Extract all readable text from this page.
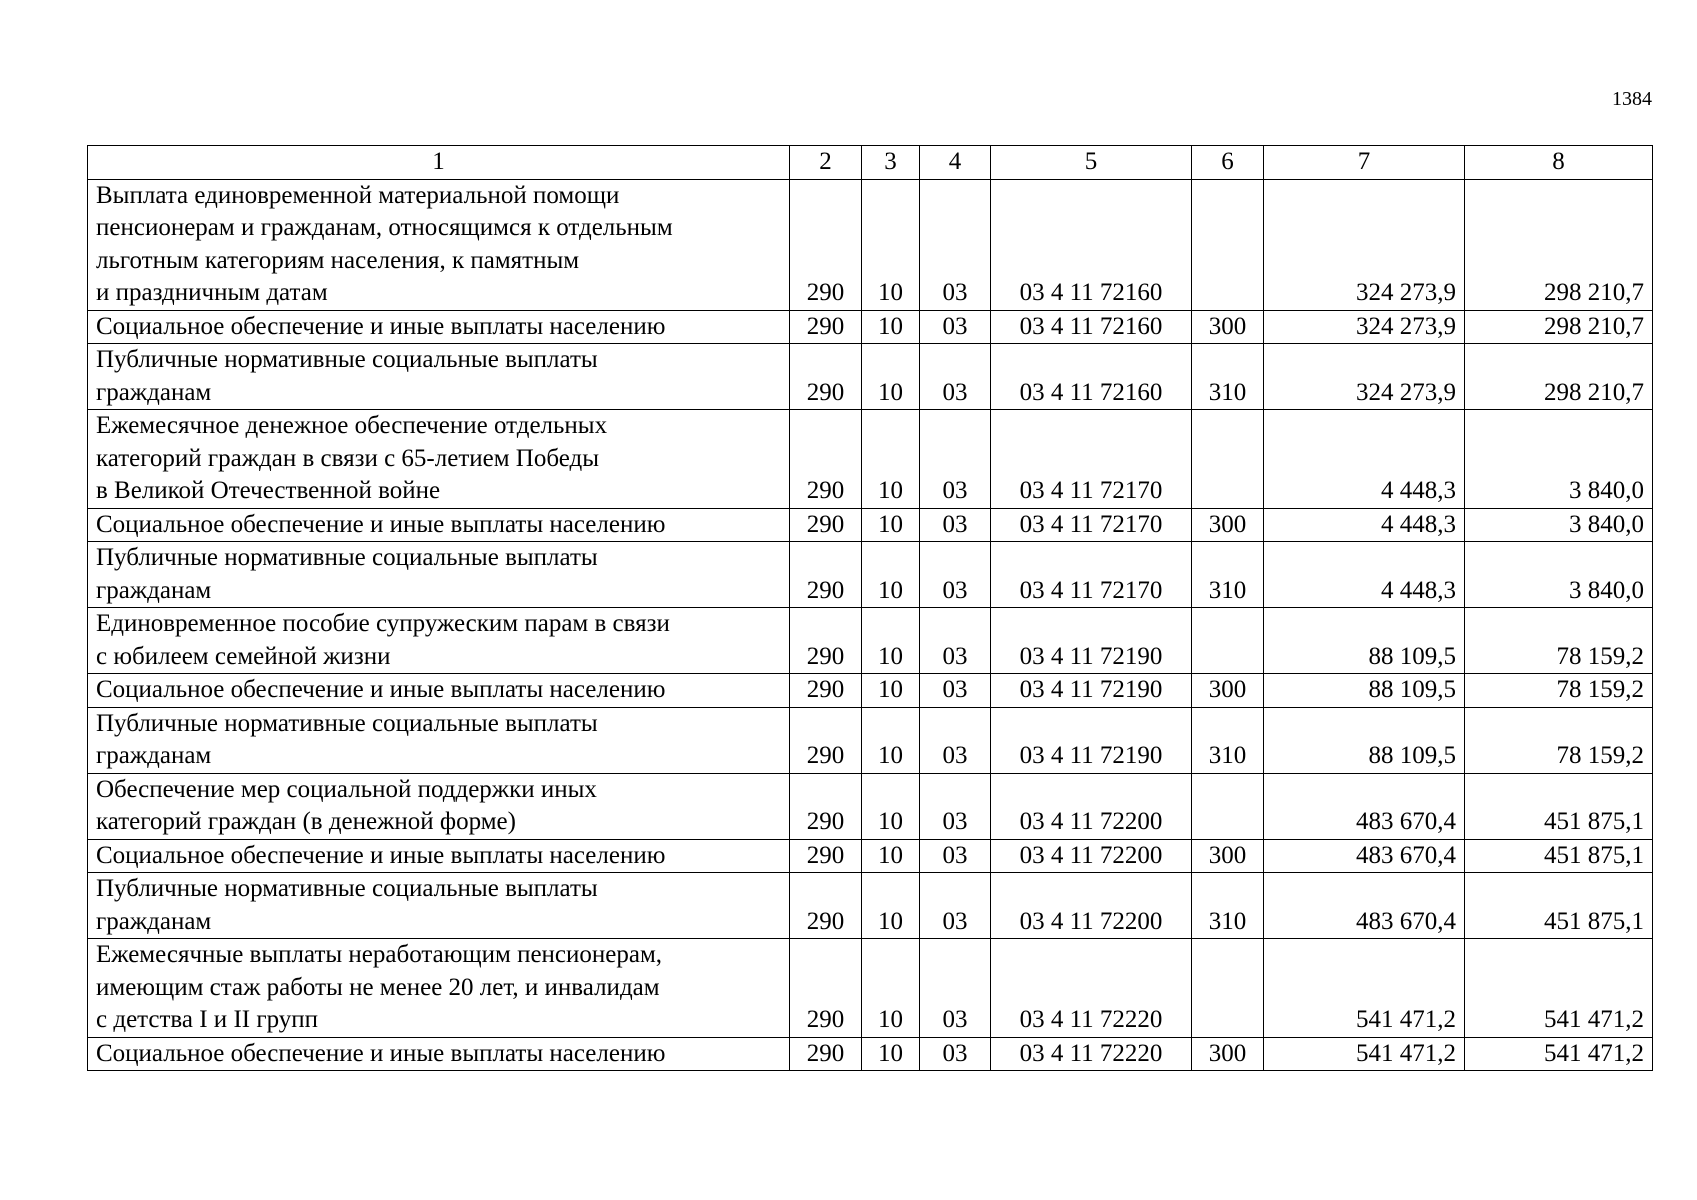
1384
1	2	3	4	5	6	7	8

Выплата единовременной материальной помощи
пенсионерам и гражданам, относящимся к отдельным
льготным категориям населения, к памятным
и праздничным датам	290	10	03	03 4 11 72160		324 273,9	298 210,7

Социальное обеспечение и иные выплаты населению	290	10	03	03 4 11 72160	300	324 273,9	298 210,7

Публичные нормативные социальные выплаты
гражданам	290	10	03	03 4 11 72160	310	324 273,9	298 210,7

Ежемесячное денежное обеспечение отдельных
категорий граждан в связи с 65-летием Победы
в Великой Отечественной войне	290	10	03	03 4 11 72170		4 448,3	3 840,0

Социальное обеспечение и иные выплаты населению	290	10	03	03 4 11 72170	300	4 448,3	3 840,0

Публичные нормативные социальные выплаты
гражданам	290	10	03	03 4 11 72170	310	4 448,3	3 840,0

Единовременное пособие супружеским парам в связи
с юбилеем семейной жизни	290	10	03	03 4 11 72190		88 109,5	78 159,2

Социальное обеспечение и иные выплаты населению	290	10	03	03 4 11 72190	300	88 109,5	78 159,2

Публичные нормативные социальные выплаты
гражданам	290	10	03	03 4 11 72190	310	88 109,5	78 159,2

Обеспечение мер социальной поддержки иных
категорий граждан (в денежной форме)	290	10	03	03 4 11 72200		483 670,4	451 875,1

Социальное обеспечение и иные выплаты населению	290	10	03	03 4 11 72200	300	483 670,4	451 875,1

Публичные нормативные социальные выплаты
гражданам	290	10	03	03 4 11 72200	310	483 670,4	451 875,1

Ежемесячные выплаты неработающим пенсионерам,
имеющим стаж работы не менее 20 лет, и инвалидам
с детства I и II групп	290	10	03	03 4 11 72220		541 471,2	541 471,2

Социальное обеспечение и иные выплаты населению	290	10	03	03 4 11 72220	300	541 471,2	541 471,2
